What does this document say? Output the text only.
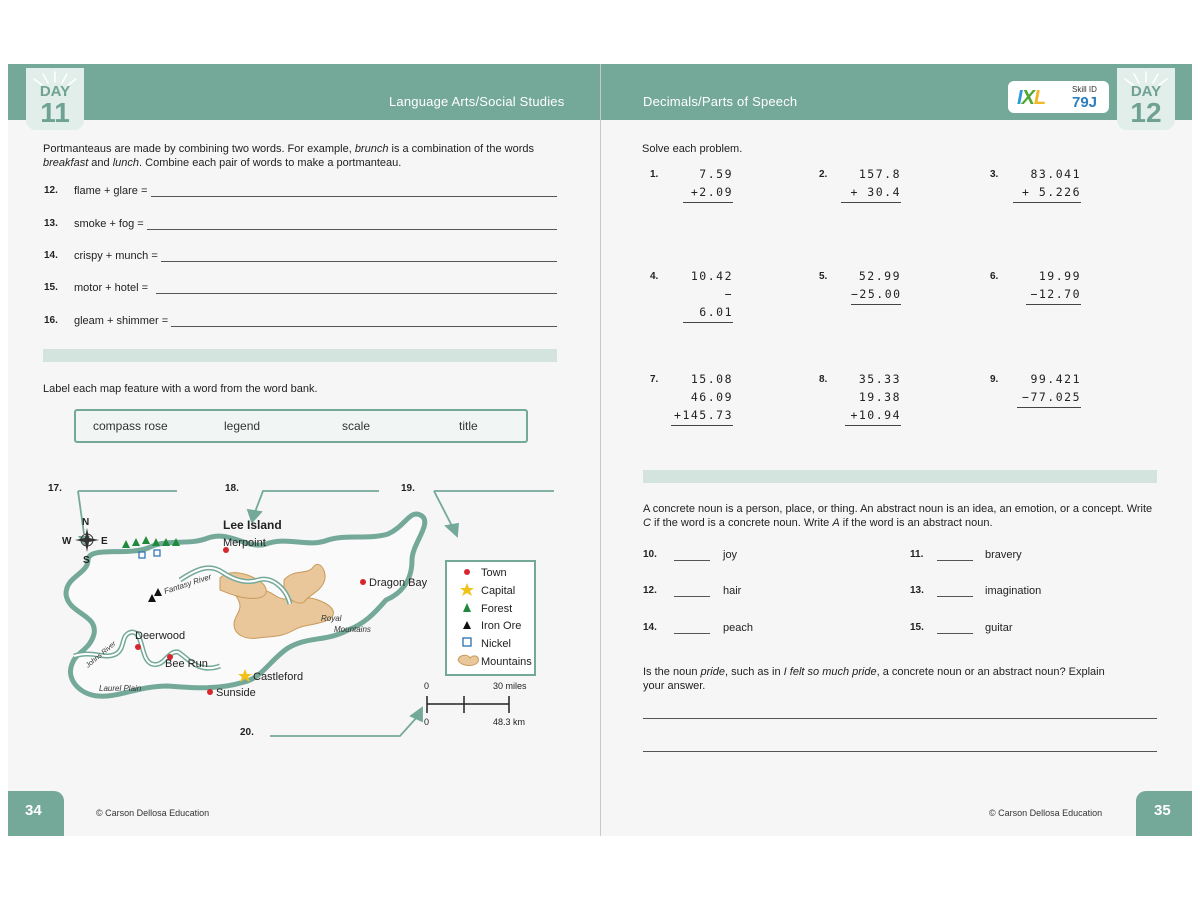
Language Arts/Social Studies
DAY
11
Portmanteaus are made by combining two words. For example, brunch is a combination of the words
breakfast and lunch. Combine each pair of words to make a portmanteau.
12. flame + glare =
13. smoke + fog =
14. crispy + munch =
15. motor + hotel =
16. gleam + shimmer =
Label each map feature with a word from the word bank.
compass rose	legend	scale	title
17.	18.	19.
20.
Lee Island
N
S
W	E	Merpoint
Dragon Bay
Deerwood
Bee Run
Castleford
Sunside
Fantasy River
Johns River
Royal
Mountains
Laurel Plain
Town
Capital
Forest
Iron Ore
Nickel
Mountains
0	30 miles
0	48.3 km
34	© Carson Dellosa Education
Decimals/Parts of Speech	IXL	Skill ID
79J
DAY
12
Solve each problem.
1.	7.59
+2.09
2.	157.8
+ 30.4
3.	83.041
+ 5.226
4.	10.42
− 6.01
5.	52.99
−25.00
6.	19.99
−12.70
7.	15.08
46.09
+145.73
8.	35.33
19.38
+10.94
9.	99.421
−77.025
A concrete noun is a person, place, or thing. An abstract noun is an idea, an emotion, or a concept. Write
C if the word is a concrete noun. Write A if the word is an abstract noun.
10.	joy	11.	bravery
12.	hair	13.	imagination
14.	peach	15.	guitar
Is the noun pride, such as in I felt so much pride, a concrete noun or an abstract noun? Explain
your answer.
© Carson Dellosa Education	35
